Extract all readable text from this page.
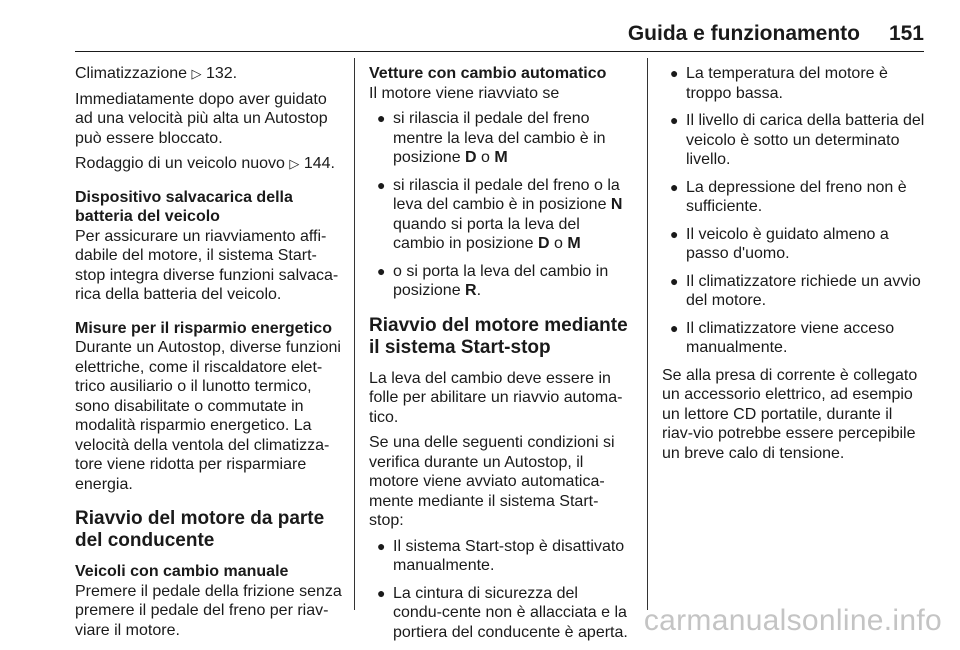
Guida e funzionamento 151

Climatizzazione ▷ 132.

Immediatamente dopo aver guidato ad una velocità più alta un Autostop può essere bloccato.

Rodaggio di un veicolo nuovo ▷ 144.

Dispositivo salvacarica della batteria del veicolo

Per assicurare un riavviamento affi-dabile del motore, il sistema Start-stop integra diverse funzioni salvaca-rica della batteria del veicolo.

Misure per il risparmio energetico

Durante un Autostop, diverse funzioni elettriche, come il riscaldatore elet-trico ausiliario o il lunotto termico, sono disabilitate o commutate in modalità risparmio energetico. La velocità della ventola del climatizza-tore viene ridotta per risparmiare energia.

Riavvio del motore da parte del conducente

Veicoli con cambio manuale

Premere il pedale della frizione senza premere il pedale del freno per riav-viare il motore.

Vetture con cambio automatico

Il motore viene riavviato se

● si rilascia il pedale del freno mentre la leva del cambio è in posizione D o M
● si rilascia il pedale del freno o la leva del cambio è in posizione N quando si porta la leva del cambio in posizione D o M
● o si porta la leva del cambio in posizione R.
Riavvio del motore mediante il sistema Start-stop

La leva del cambio deve essere in folle per abilitare un riavvio automa-tico.

Se una delle seguenti condizioni si verifica durante un Autostop, il motore viene avviato automatica-mente mediante il sistema Start-stop:

● Il sistema Start-stop è disattivato manualmente.
● La cintura di sicurezza del condu-cente non è allacciata e la portiera del conducente è aperta.
● La temperatura del motore è troppo bassa.
● Il livello di carica della batteria del veicolo è sotto un determinato livello.
● La depressione del freno non è sufficiente.
● Il veicolo è guidato almeno a passo d'uomo.
● Il climatizzatore richiede un avvio del motore.
● Il climatizzatore viene acceso manualmente.

Se alla presa di corrente è collegato un accessorio elettrico, ad esempio un lettore CD portatile, durante il riav-vio potrebbe essere percepibile un breve calo di tensione.

carmanualsonline.info
